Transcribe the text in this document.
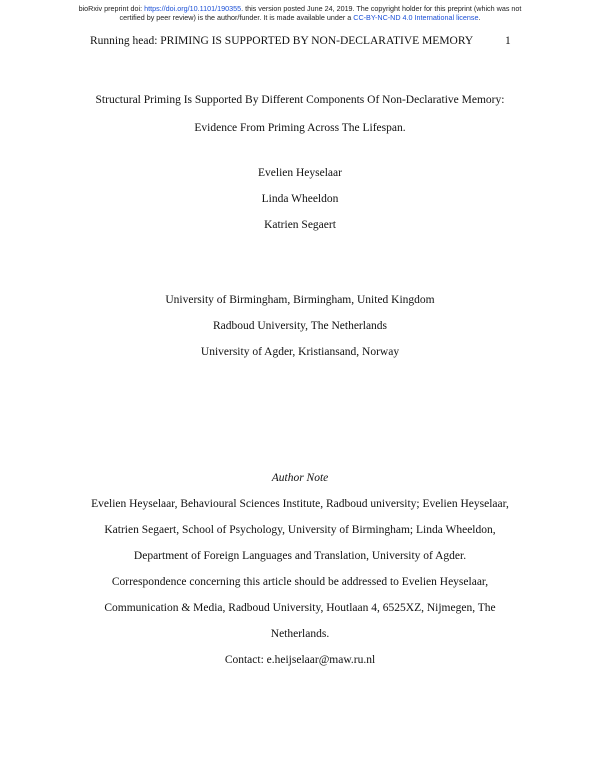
bioRxiv preprint doi: https://doi.org/10.1101/190355. this version posted June 24, 2019. The copyright holder for this preprint (which was not
certified by peer review) is the author/funder. It is made available under a CC-BY-NC-ND 4.0 International license.
Running head: PRIMING IS SUPPORTED BY NON-DECLARATIVE MEMORY	1
Structural Priming Is Supported By Different Components Of Non-Declarative Memory:
Evidence From Priming Across The Lifespan.
Evelien Heyselaar
Linda Wheeldon
Katrien Segaert
University of Birmingham, Birmingham, United Kingdom
Radboud University, The Netherlands
University of Agder, Kristiansand, Norway
Author Note
Evelien Heyselaar, Behavioural Sciences Institute, Radboud university; Evelien Heyselaar,
Katrien Segaert, School of Psychology, University of Birmingham; Linda Wheeldon,
Department of Foreign Languages and Translation, University of Agder.
Correspondence concerning this article should be addressed to Evelien Heyselaar,
Communication & Media, Radboud University, Houtlaan 4, 6525XZ, Nijmegen, The
Netherlands.
Contact: e.heijselaar@maw.ru.nl
